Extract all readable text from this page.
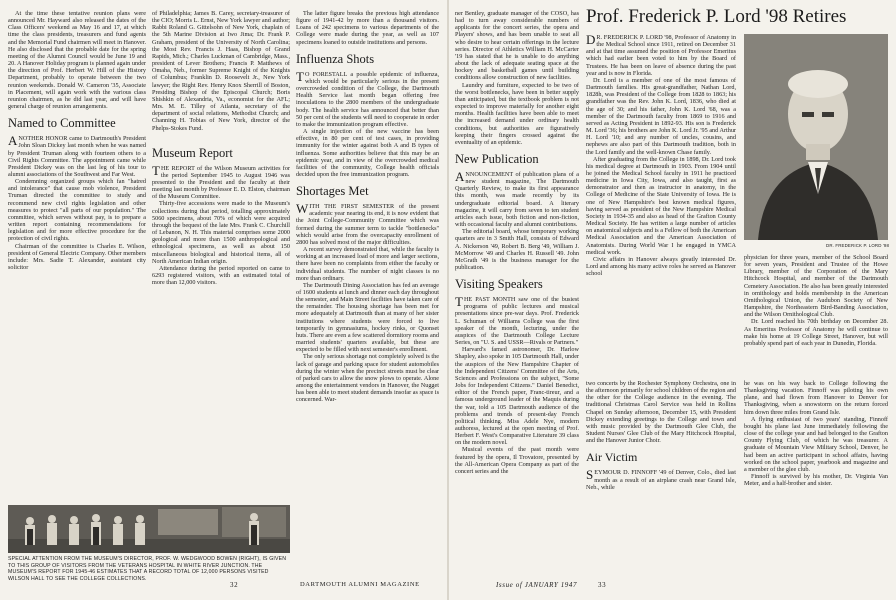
At the time these tentative reunion plans were announced Mr. Hayward also released the dates of the Class Officers' weekend as May 16 and 17, at which time the class presidents, treasurers and fund agents and the Memorial Fund chairmen will meet in Hanover. He also disclosed that the probable date for the spring meeting of the Alumni Council would be June 19 and 20. A Hanover Holiday program is planned again under the direction of Prof. Herbert W. Hill of the History Department, probably to operate between the two reunion weekends. Donald W. Cameron '35, Associate in Placement, will again work with the various class reunion chairmen, as he did last year, and will have general charge of reunion arrangements.

Named to Committee

ANOTHER HONOR came to Dartmouth's President John Sloan Dickey last month when he was named by President Truman along with fourteen others to a Civil Rights Committee. The appointment came while President Dickey was on the last leg of his tour to alumni associations of the Southwest and Far West.

Condemning organized groups which fan "hatred and intolerance" that cause mob violence, President Truman directed the committee to study and recommend new civil rights legislation and other measures to protect "all parts of our population." The committee, which serves without pay, is to prepare a written report containing recommendations for legislation and for more effective procedure for the protection of civil rights.

Chairman of the committee is Charles E. Wilson, president of General Electric Company. Other members include: Mrs. Sadie T. Alexander, assistant city solicitor

of Philadelphia; James B. Carey, secretary-treasurer of the CIO; Morris L. Ernst, New York lawyer and author; Rabbi Roland G. Gittelsohn of New York, chaplain of the 5th Marine Division at Iwo Jima; Dr. Frank P. Graham, president of the University of North Carolina; the Most Rev. Francis J. Haas, Bishop of Grand Rapids, Mich.; Charles Luckman of Cambridge, Mass., president of Lever Brothers; Francis P. Matthews of Omaha, Neb., former Supreme Knight of the Knights of Columbus; Franklin D. Roosevelt Jr., New York lawyer; the Right Rev. Henry Knox Sherrill of Boston, Presiding Bishop of the Episcopal Church; Boris Shishkin of Alexandria, Va., economist for the AFL; Mrs. M. E. Tilley of Atlanta, secretary of the department of social relations, Methodist Church; and Channing H. Tobias of New York, director of the Phelps-Stokes Fund.

Museum Report

THE REPORT of the Wilson Museum activities for the period September 1945 to August 1946 was presented to the President and the faculty at their meeting last month by Professor E. D. Elston, chairman of the Museum Committee.

Thirty-five accessions were made to the Museum's collections during that period, totalling approximately 5060 specimens, about 70% of which were acquired through the bequest of the late Mrs. Frank C. Churchill of Lebanon, N. H. This material comprises some 2000 geological and more than 1500 anthropological and ethnological specimens, as well as about 150 miscellaneous biological and historical items, all of North American Indian origin.

Attendance during the period reported on came to 6293 registered visitors, with an estimated total of more than 12,000 visitors.

The latter figure breaks the previous high attendance figure of 1941-42 by more than a thousand visitors. Loans of 242 specimens to various departments of the College were made during the year, as well as 107 specimens loaned to outside institutions and persons.

Influenza Shots

T O FORESTALL a possible epidemic of influenza, which would be particularly serious in the present overcrowded condition of the College, the Dartmouth Health Service last month began offering free inoculations to the 2800 members of the undergraduate body. The health service has announced that better than 50 per cent of the students will need to cooperate in order to make the immunization program effective.

A single injection of the new vaccine has been effective, in 80 per cent of test cases, in providing immunity for the winter against both A and B types of influenza. Some authorities believe that this may be an epidemic year, and in view of the overcrowded medical facilities of the community, College health officials decided upon the free immunization program.

Shortages Met

WITH THE FIRST SEMESTER of the present academic year nearing its end, it is now evident that the Joint College-Community Committee which was formed during the summer term to tackle "bottlenecks" which would arise from the overcapacity enrollment of 2800 has solved most of the major difficulties.

A recent survey demonstrated that, while the faculty is working at an increased load of more and larger sections, there have been no complaints from either the faculty or individual students. The number of night classes is no more than ordinary.

The Dartmouth Dining Association has fed an average of 1600 students at lunch and dinner each day throughout the semester, and Main Street facilities have taken care of the remainder. The housing shortage has been met for more adequately at Dartmouth than at many of her sister institutions where students were forced to live temporarily in gymnasiums, hockey rinks, or Quonset huts. There are even a few scattered dormitory rooms and married students' quarters available, but these are expected to be filled with next semester's enrollment.

The only serious shortage not completely solved is the lack of garage and parking space for student automobiles during the winter when the precinct streets must be clear of parked cars to allow the snow plows to operate. Alone among the entertainment vendors in Hanover, the Nugget has been able to meet student demands insofar as space is concerned. War-

SPECIAL ATTENTION FROM THE MUSEUM'S DIRECTOR, PROF. W. WEDGWOOD BOWEN (RIGHT), IS GIVEN TO THIS GROUP OF VISITORS FROM THE VETERANS HOSPITAL IN WHITE RIVER JUNCTION. THE MUSEUM'S REPORT FOR 1945-46 ESTIMATES THAT A RECORD TOTAL OF 12,000 PERSONS VISITED WILSON HALL TO SEE THE COLLEGE COLLECTIONS.
32	DARTMOUTH ALUMNI MAGAZINE

ner Bentley, graduate manager of the COSO, has had to turn away considerable numbers of applicants for the concert series, the opera and Players' shows, and has been unable to seat all who desire to hear certain offerings in the lecture series. Director of Athletics William H. McCarter '19 has stated that he is unable to do anything about the lack of adequate seating space at the hockey and basketball games until building conditions allow construction of new facilities.

Laundry and furniture, expected to be two of the worst bottlenecks, have been in better supply than anticipated, but the textbook problem is not expected to improve materially for another eight months. Health facilities have been able to meet the increased demand under ordinary health conditions, but authorities are figuratively keeping their fingers crossed against the eventuality of an epidemic.

New Publication

ANNOUNCEMENT of publication plans of a new student magazine, The Dartmouth Quarterly Review, to make its first appearance this month, was made recently by its undergraduate editorial board. A literary magazine, it will carry from seven to ten student articles each issue, both fiction and non-fiction, with occasional faculty and alumni contributions.

The editorial board, whose temporary working quarters are in 3 Smith Hall, consists of Edward A. Nickerson '49, Robert B. Berg '49, William J. McMorrow '49 and Charles H. Russell '49. John McGrath '49 is the business manager for the publication.

Visiting Speakers

THE PAST MONTH saw one of the busiest programs of public lectures and musical presentations since pre-war days. Prof. Frederick L. Schuman of Williams College was the first speaker of the month, lecturing, under the auspices of the Dartmouth College Lecture Series, on "U. S. and USSR—Rivals or Partners."

Harvard's famed astronomer, Dr. Harlow Shapley, also spoke in 105 Dartmouth Hall, under the auspices of the New Hampshire Chapter of the Independent Citizens' Committee of the Arts, Sciences and Professions on the subject, "Some Jobs for Independent Citizens." Daniel Benedict, editor of the French paper, Franc-tireur, and a famous underground leader of the Maquis during the war, told a 105 Dartmouth audience of the problems and trends of present-day French political thinking. Miss Adele Nye, modern authoress, lectured at the open meeting of Prof. Herbert F. West's Comparative Literature 39 class on the modern novel.

Musical events of the past month were featured by the opera, Il Trovatore, presented by the All-American Opera Company as part of the concert series and the

Prof. Frederick P. Lord '98 Retires

D R. FREDERICK P. LORD '98, Professor of Anatomy in the Medical School since 1911, retired on December 31 and at that time assumed the position of Professor Emeritus which had earlier been voted to him by the Board of Trustees. He has been on leave of absence during the past year and is now in Florida.

Dr. Lord is a member of one of the most famous of Dartmouth families. His great-grandfather, Nathan Lord, 1828h, was President of the College from 1828 to 1863; his grandfather was the Rev. John K. Lord, 1836, who died at the age of 30; and his father, John K. Lord '68, was a member of the Dartmouth faculty from 1869 to 1916 and served as Acting President in 1892-93. His son is Frederick M. Lord '36; his brothers are John K. Lord Jr. '95 and Arthur H. Lord '10; and any number of uncles, cousins, and nephews are also part of this Dartmouth tradition, both in the Lord family and the well-known Chase family.

After graduating from the College in 1898, Dr. Lord took his medical degree at Dartmouth in 1903. From 1904 until he joined the Medical School faculty in 1911 he practiced medicine in Iowa City, Iowa, and also taught, first as demonstrator and then as instructor in anatomy, in the College of Medicine of the State University of Iowa. He is one of New Hampshire's best known medical figures, having served as president of the New Hampshire Medical Society in 1934-35 and also as head of the Grafton County Medical Society. He has written a large number of articles on anatomical subjects and is a Fellow of both the American Medical Association and the American Association of Anatomists. During World War I he engaged in YMCA medical work.

Civic affairs in Hanover always greatly interested Dr. Lord and among his many active roles he served as Hanover school

DR. FREDERICK P. LORD '98

physician for three years, member of the School Board for seven years, President and Trustee of the Howe Library, member of the Corporation of the Mary Hitchcock Hospital, and member of the Dartmouth Cemetery Association. He also has been greatly interested in ornithology and holds membership in the American Ornithological Union, the Audubon Society of New Hampshire, the Northeastern Bird-Banding Association, and the Wilson Ornithological Club.

Dr. Lord reached his 70th birthday on December 28. As Emeritus Professor of Anatomy he will continue to make his home at 19 College Street, Hanover, but will probably spend part of each year in Dunedin, Florida.

two concerts by the Rochester Symphony Orchestra, one in the afternoon primarily for school children of the region and the other for the College audience in the evening. The traditional Christmas Carol Service was held in Rollins Chapel on Sunday afternoon, December 15, with President Dickey extending greetings to the College and town and with music provided by the Dartmouth Glee Club, the Student Nurses' Glee Club of the Mary Hitchcock Hospital, and the Hanover Junior Choir.

Air Victim

SEYMOUR D. FINNOFF '49 of Denver, Colo., died last month as a result of an airplane crash near Grand Isle, Neb., while

he was on his way back to College following the Thanksgiving vacation. Finnoff was piloting his own plane, and had flown from Hanover to Denver for Thanksgiving, when a snowstorm on the return forced him down three miles from Grand Isle.

A flying enthusiast of two years' standing, Finnoff bought his plane last June immediately following the close of the college year and had belonged to the Grafton County Flying Club, of which he was treasurer. A graduate of Mountain View Military School, Denver, he had been an active participant in school affairs, having worked on the school paper, yearbook and magazine and a member of the glee club.

Finnoff is survived by his mother, Dr. Virginia Van Meter, and a half-brother and sister.

Issue of JANUARY 1947	33
